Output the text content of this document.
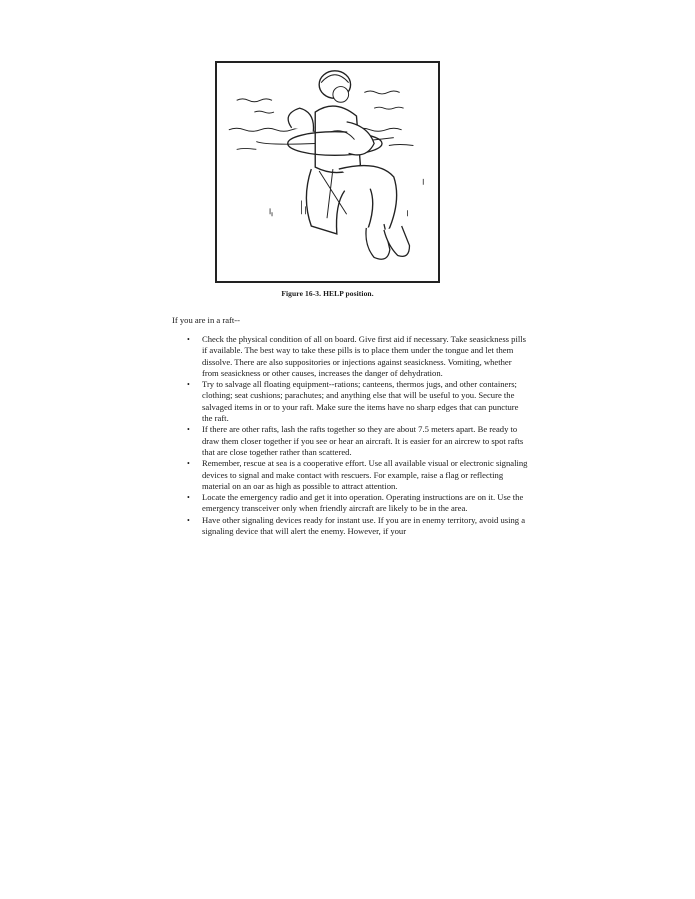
Figure 16-3. HELP position.
If you are in a raft--
• Check the physical condition of all on board. Give first aid if necessary. Take seasickness pills if available. The best way to take these pills is to place them under the tongue and let them dissolve. There are also suppositories or injections against seasickness. Vomiting, whether from seasickness or other causes, increases the danger of dehydration.
• Try to salvage all floating equipment--rations; canteens, thermos jugs, and other containers; clothing; seat cushions; parachutes; and anything else that will be useful to you. Secure the salvaged items in or to your raft. Make sure the items have no sharp edges that can puncture the raft.
• If there are other rafts, lash the rafts together so they are about 7.5 meters apart. Be ready to draw them closer together if you see or hear an aircraft. It is easier for an aircrew to spot rafts that are close together rather than scattered.
• Remember, rescue at sea is a cooperative effort. Use all available visual or electronic signaling devices to signal and make contact with rescuers. For example, raise a flag or reflecting material on an oar as high as possible to attract attention.
• Locate the emergency radio and get it into operation. Operating instructions are on it. Use the emergency transceiver only when friendly aircraft are likely to be in the area.
• Have other signaling devices ready for instant use. If you are in enemy territory, avoid using a signaling device that will alert the enemy. However, if your
